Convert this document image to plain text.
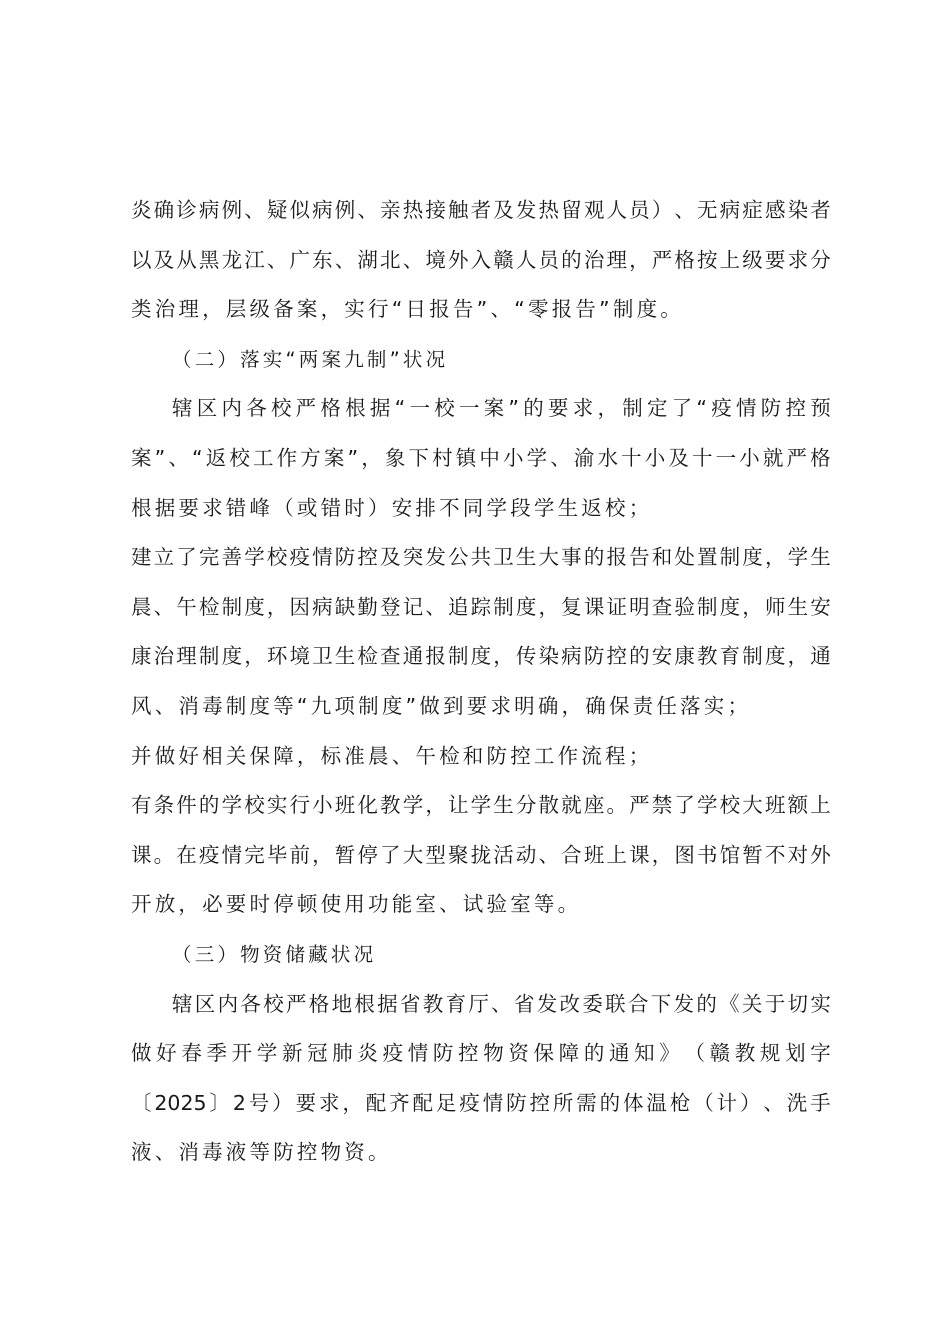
炎 确 诊 病 例 、 疑 似 病 例 、 亲 热 接 触 者 及 发 热 留 观 人 员 ） 、 无 病 症 感 染 者
以 及 从 黑 龙 江 、 广 东 、 湖 北 、 境 外 入 赣 人 员 的 治 理 ， 严 格 按 上 级 要 求 分
类治理，层级备案，实行“日报告”、“零报告”制度。
（二）落实“两案九制”状况
辖 区 内 各 校 严 格 根 据 “ 一 校 一 案 ” 的 要 求 ， 制 定 了 “ 疫 情 防 控 预
案 ” 、 “ 返 校 工 作 方 案 ” ， 象 下 村 镇 中 小 学 、 渝 水 十 小 及 十 一 小 就 严 格
根据要求错峰（或错时）安排不同学段学生返校；
建 立 了 完 善 学 校 疫 情 防 控 及 突 发 公 共 卫 生 大 事 的 报 告 和 处 置 制 度 ， 学 生
晨 、 午 检 制 度 ， 因 病 缺 勤 登 记 、 追 踪 制 度 ， 复 课 证 明 查 验 制 度 ， 师 生 安
康 治 理 制 度 ， 环 境 卫 生 检 查 通 报 制 度 ， 传 染 病 防 控 的 安 康 教 育 制 度 ， 通
风、消毒制度等“九项制度”做到要求明确，确保责任落实；
并做好相关保障，标准晨、午检和防控工作流程；
有 条 件 的 学 校 实 行 小 班 化 教 学 ， 让 学 生 分 散 就 座 。 严 禁 了 学 校 大 班 额 上
课 。 在 疫 情 完 毕 前 ， 暂 停 了 大 型 聚 拢 活 动 、 合 班 上 课 ， 图 书 馆 暂 不 对 外
开放，必要时停顿使用功能室、试验室等。
（三）物资储藏状况
辖 区 内 各 校 严 格 地 根 据 省 教 育 厅 、 省 发 改 委 联 合 下 发 的 《 关 于 切 实
做 好 春 季 开 学 新 冠 肺 炎 疫 情 防 控 物 资 保 障 的 通 知 》 （ 赣 教 规 划 字
〔 2025 〕 2 号 ） 要 求 ， 配 齐 配 足 疫 情 防 控 所 需 的 体 温 枪 （ 计 ） 、 洗 手
液、消毒液等防控物资。
